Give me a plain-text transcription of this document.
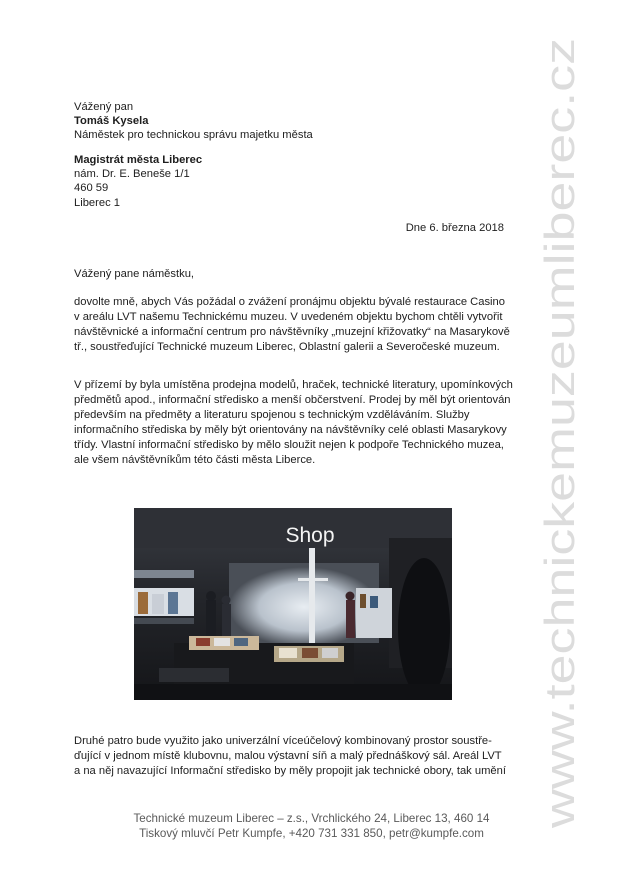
www.technickemuzeumliberec.cz
Vážený pan
Tomáš Kysela
Náměstek pro technickou správu majetku města
Magistrát města Liberec
nám. Dr. E. Beneše 1/1
460 59
Liberec 1
Dne 6. března 2018
Vážený pane náměstku,
dovolte mně, abych Vás požádal o zvážení pronájmu objektu bývalé restaurace Casino
v areálu LVT našemu Technickému muzeu. V uvedeném objektu bychom chtěli vytvořit
návštěvnické a informační centrum pro návštěvníky „muzejní křižovatky“ na Masarykově
tř., soustřeďující Technické muzeum Liberec, Oblastní galerii a Severočeské muzeum.
V přízemí by byla umístěna prodejna modelů, hraček, technické literatury, upomínkových
předmětů apod., informační středisko a menší občerstvení. Prodej by měl být orientován
především na předměty a literaturu spojenou s technickým vzděláváním. Služby
informačního střediska by měly být orientovány na návštěvníky celé oblasti Masarykovy
třídy. Vlastní informační středisko by mělo sloužit nejen k podpoře Technického muzea,
ale všem návštěvníkům této části města Liberce.
Shop
Druhé patro bude využito jako univerzální víceúčelový kombinovaný prostor soustře-
ďující v jednom místě klubovnu, malou výstavní síň a malý přednáškový sál. Areál LVT
a na něj navazující Informační středisko by měly propojit jak technické obory, tak umění
Technické muzeum Liberec – z.s., Vrchlického 24, Liberec 13, 460 14
Tiskový mluvčí Petr Kumpfe, +420 731 331 850, petr@kumpfe.com
